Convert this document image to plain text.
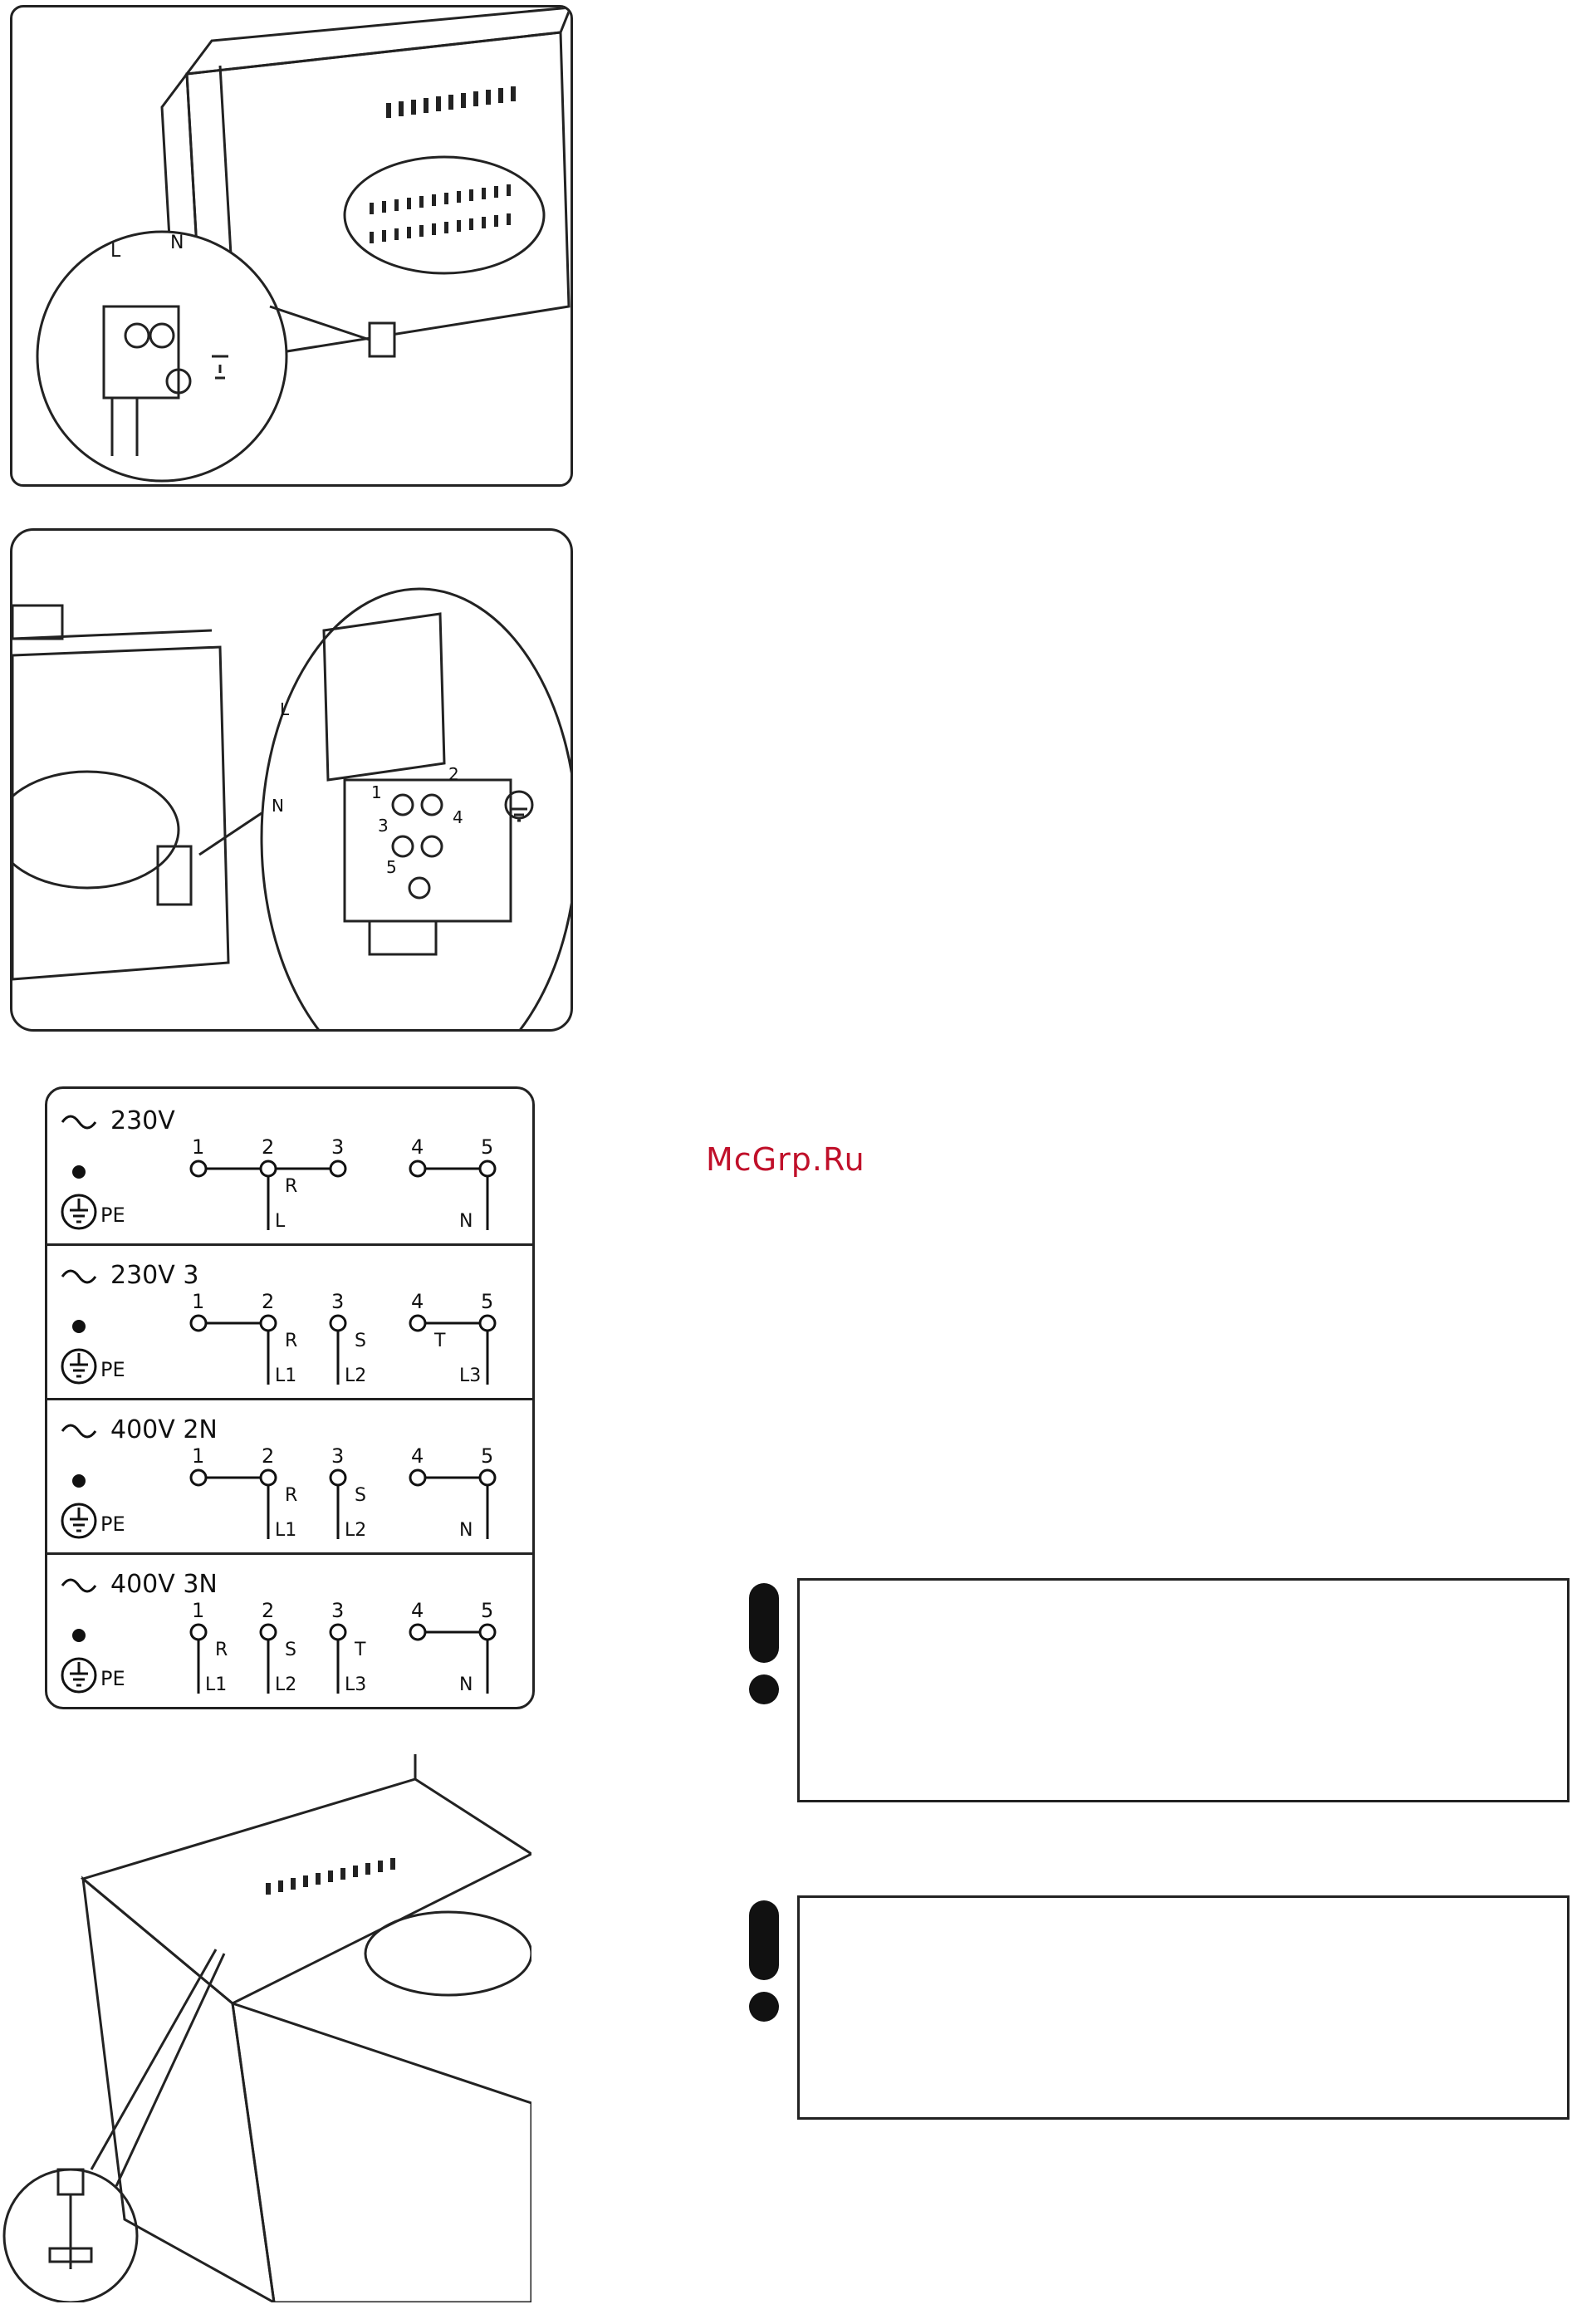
L	N
L
N
1
2
3	4
5
230V
PE
1	2
R
L
3	4	5
N
230V 3
PE
1	2
R
L1
3
S
L2
4
T
5
L3
400V 2N
PE
1	2
R
L1
3
S
L2
4	5
N
400V 3N
PE
1
R
L1
2
S
L2
3
T
L3
4	5
N
McGrp.Ru
